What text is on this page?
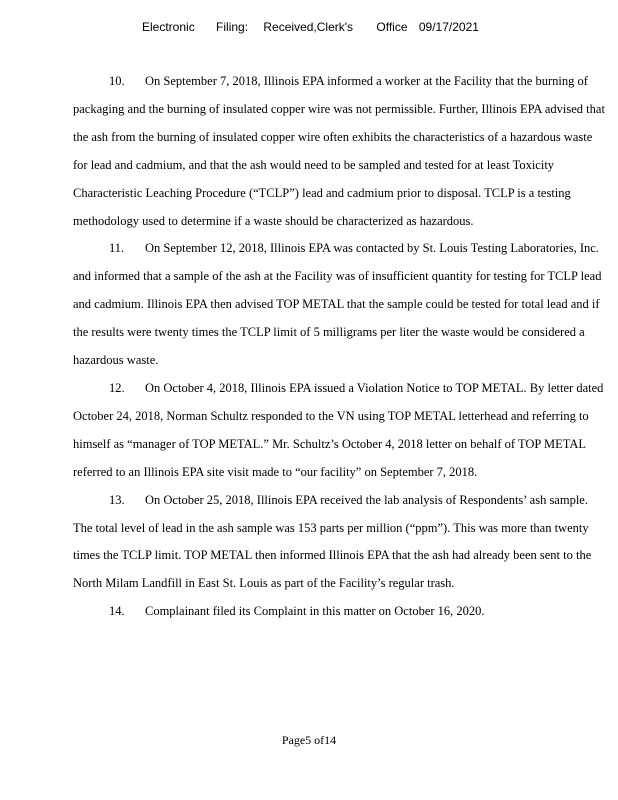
Electronic Filing: Received,Clerk's Office 09/17/2021

10. On September 7, 2018, Illinois EPA informed a worker at the Facility that the burning of packaging and the burning of insulated copper wire was not permissible. Further, Illinois EPA advised that the ash from the burning of insulated copper wire often exhibits the characteristics of a hazardous waste for lead and cadmium, and that the ash would need to be sampled and tested for at least Toxicity Characteristic Leaching Procedure (“TCLP”) lead and cadmium prior to disposal. TCLP is a testing methodology used to determine if a waste should be characterized as hazardous.

11. On September 12, 2018, Illinois EPA was contacted by St. Louis Testing Laboratories, Inc. and informed that a sample of the ash at the Facility was of insufficient quantity for testing for TCLP lead and cadmium. Illinois EPA then advised TOP METAL that the sample could be tested for total lead and if the results were twenty times the TCLP limit of 5 milligrams per liter the waste would be considered a hazardous waste.

12. On October 4, 2018, Illinois EPA issued a Violation Notice to TOP METAL. By letter dated October 24, 2018, Norman Schultz responded to the VN using TOP METAL letterhead and referring to himself as “manager of TOP METAL.” Mr. Schultz’s October 4, 2018 letter on behalf of TOP METAL referred to an Illinois EPA site visit made to “our facility” on September 7, 2018.

13. On October 25, 2018, Illinois EPA received the lab analysis of Respondents’ ash sample. The total level of lead in the ash sample was 153 parts per million (“ppm”). This was more than twenty times the TCLP limit. TOP METAL then informed Illinois EPA that the ash had already been sent to the North Milam Landfill in East St. Louis as part of the Facility’s regular trash.

14. Complainant filed its Complaint in this matter on October 16, 2020.

Page5 of14
